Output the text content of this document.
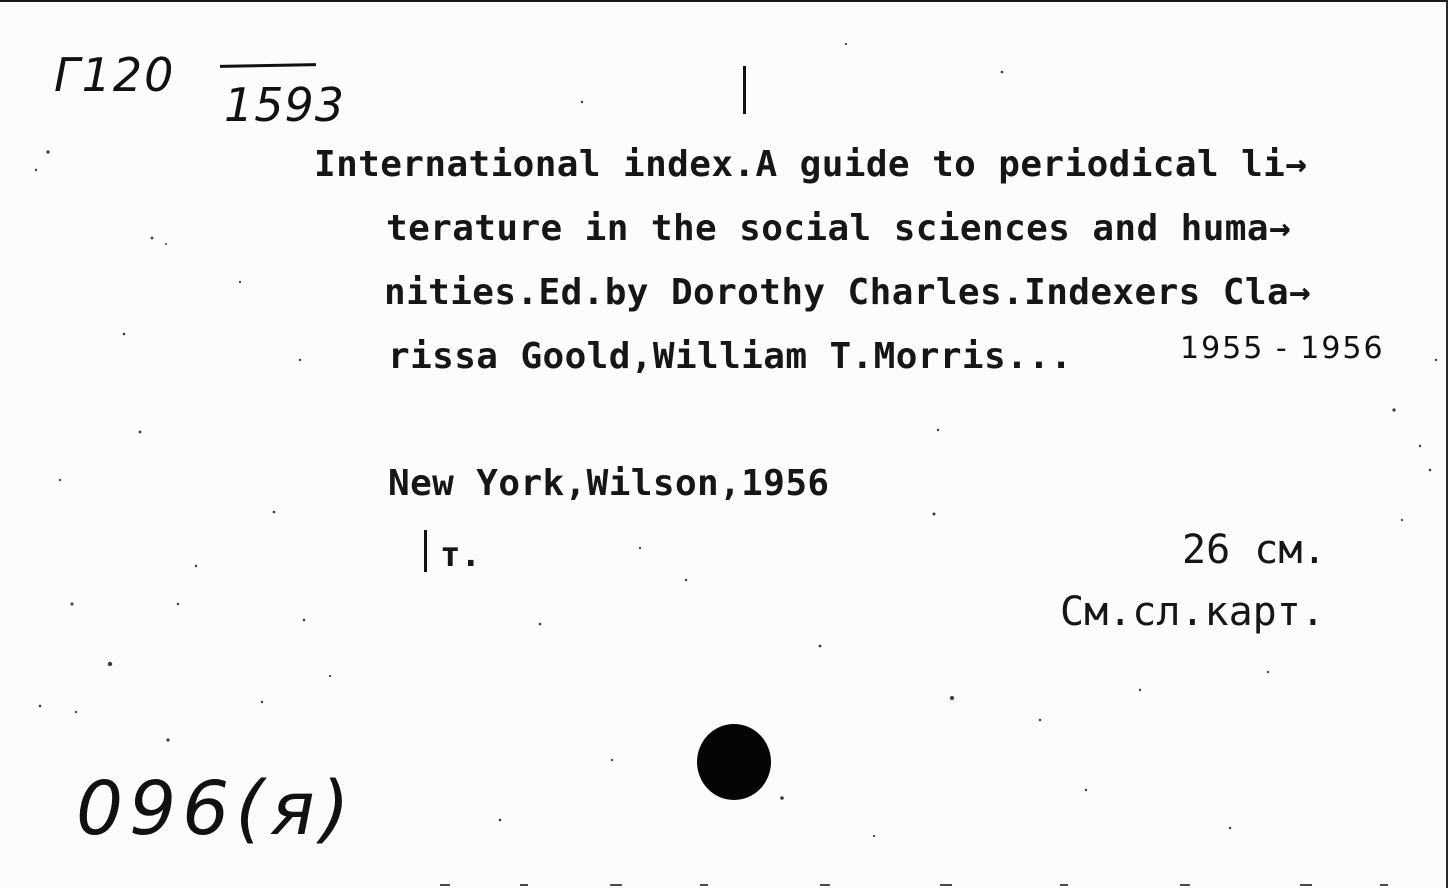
Г120
1593
International index.A guide to periodical li→
terature in the social sciences and huma→
nities.Ed.by Dorothy Charles.Indexers Cla→
rissa Goold,William T.Morris...	1955 - 1956
New York,Wilson,1956
т.	26 см.
См.сл.карт.
096(я)
